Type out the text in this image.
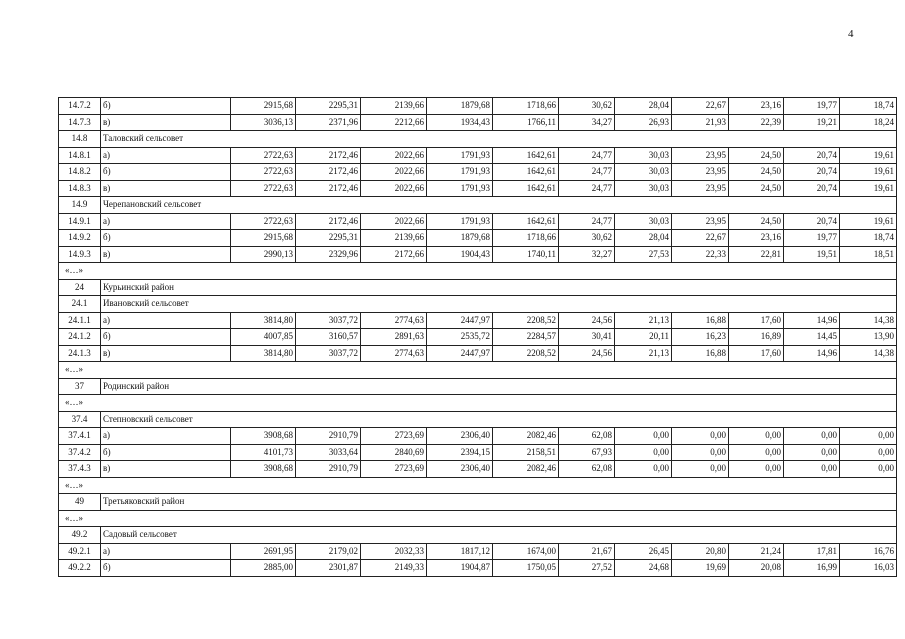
4
14.7.2	б)	2915,68	2295,31	2139,66	1879,68	1718,66	30,62	28,04	22,67	23,16	19,77	18,74
14.7.3	в)	3036,13	2371,96	2212,66	1934,43	1766,11	34,27	26,93	21,93	22,39	19,21	18,24
14.8	Таловский сельсовет											
14.8.1	а)	2722,63	2172,46	2022,66	1791,93	1642,61	24,77	30,03	23,95	24,50	20,74	19,61
14.8.2	б)	2722,63	2172,46	2022,66	1791,93	1642,61	24,77	30,03	23,95	24,50	20,74	19,61
14.8.3	в)	2722,63	2172,46	2022,66	1791,93	1642,61	24,77	30,03	23,95	24,50	20,74	19,61
14.9	Черепановский сельсовет											
14.9.1	а)	2722,63	2172,46	2022,66	1791,93	1642,61	24,77	30,03	23,95	24,50	20,74	19,61
14.9.2	б)	2915,68	2295,31	2139,66	1879,68	1718,66	30,62	28,04	22,67	23,16	19,77	18,74
14.9.3	в)	2990,13	2329,96	2172,66	1904,43	1740,11	32,27	27,53	22,33	22,81	19,51	18,51
«…»												
24	Курьинский район											
24.1	Ивановский сельсовет											
24.1.1	а)	3814,80	3037,72	2774,63	2447,97	2208,52	24,56	21,13	16,88	17,60	14,96	14,38
24.1.2	б)	4007,85	3160,57	2891,63	2535,72	2284,57	30,41	20,11	16,23	16,89	14,45	13,90
24.1.3	в)	3814,80	3037,72	2774,63	2447,97	2208,52	24,56	21,13	16,88	17,60	14,96	14,38
«…»												
37	Родинский район											
«…»												
37.4	Степновский сельсовет											
37.4.1	а)	3908,68	2910,79	2723,69	2306,40	2082,46	62,08	0,00	0,00	0,00	0,00	0,00
37.4.2	б)	4101,73	3033,64	2840,69	2394,15	2158,51	67,93	0,00	0,00	0,00	0,00	0,00
37.4.3	в)	3908,68	2910,79	2723,69	2306,40	2082,46	62,08	0,00	0,00	0,00	0,00	0,00
«…»												
49	Третьяковский район											
«…»												
49.2	Садовый сельсовет											
49.2.1	а)	2691,95	2179,02	2032,33	1817,12	1674,00	21,67	26,45	20,80	21,24	17,81	16,76
49.2.2	б)	2885,00	2301,87	2149,33	1904,87	1750,05	27,52	24,68	19,69	20,08	16,99	16,03
